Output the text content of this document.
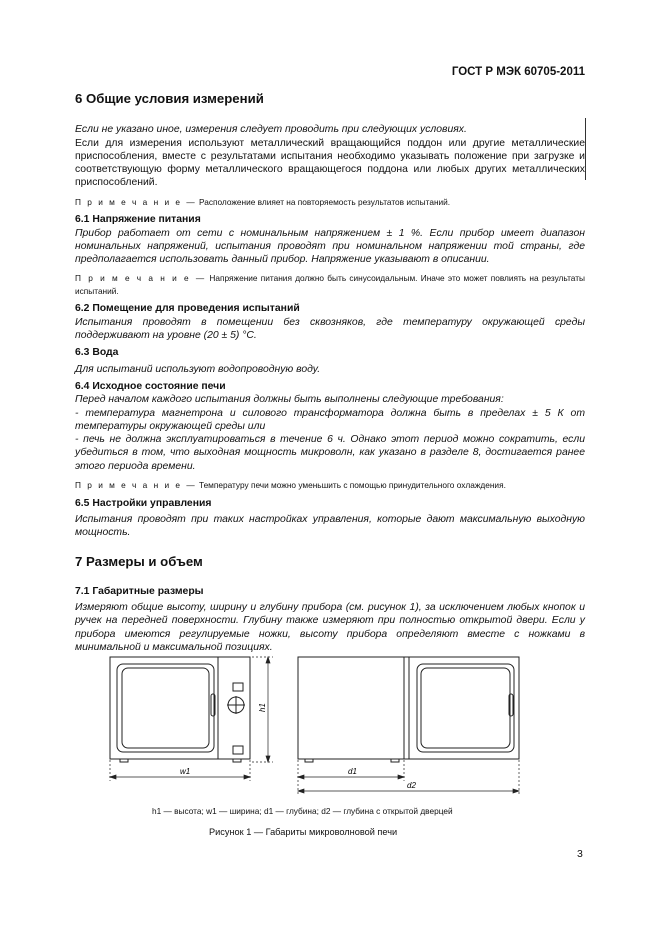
ГОСТ Р МЭК 60705-2011

6 Общие условия измерений

Если не указано иное, измерения следует проводить при следующих условиях.

Если для измерения используют металлический вращающийся поддон или другие металлические приспособления, вместе с результатами испытания необходимо указывать положение при загрузке и соответствующую форму металлического вращающегося поддона или любых других металлических приспособлений.

П р и м е ч а н и е — Расположение влияет на повторяемость результатов испытаний.

6.1 Напряжение питания

Прибор работает от сети с номинальным напряжением ± 1 %. Если прибор имеет диапазон номинальных напряжений, испытания проводят при номинальном напряжении той страны, где предполагается использовать данный прибор. Напряжение указывают в описании.

П р и м е ч а н и е — Напряжение питания должно быть синусоидальным. Иначе это может повлиять на результаты испытаний.

6.2 Помещение для проведения испытаний

Испытания проводят в помещении без сквозняков, где температуру окружающей среды поддерживают на уровне (20 ± 5) °С.

6.3 Вода

Для испытаний используют водопроводную воду.

6.4 Исходное состояние печи

Перед началом каждого испытания должны быть выполнены следующие требования:

- температура магнетрона и силового трансформатора должна быть в пределах ± 5 К от температуры окружающей среды или

- печь не должна эксплуатироваться в течение 6 ч. Однако этот период можно сократить, если убедиться в том, что выходная мощность микроволн, как указано в разделе 8, достигается ранее этого периода времени.

П р и м е ч а н и е — Температуру печи можно уменьшить с помощью принудительного охлаждения.

6.5 Настройки управления

Испытания проводят при таких настройках управления, которые дают максимальную выходную мощность.

7 Размеры и объем

7.1 Габаритные размеры

Измеряют общие высоту, ширину и глубину прибора (см. рисунок 1), за исключением любых кнопок и ручек на передней поверхности. Глубину также измеряют при полностью открытой двери. Если у прибора имеются регулируемые ножки, высоту прибора определяют вместе с ножками в минимальной и максимальной позициях.

h1
w1	d1
d2
h1 — высота; w1 — ширина; d1 — глубина; d2 — глубина с открытой дверцей
Рисунок 1 — Габариты микроволновой печи
3
